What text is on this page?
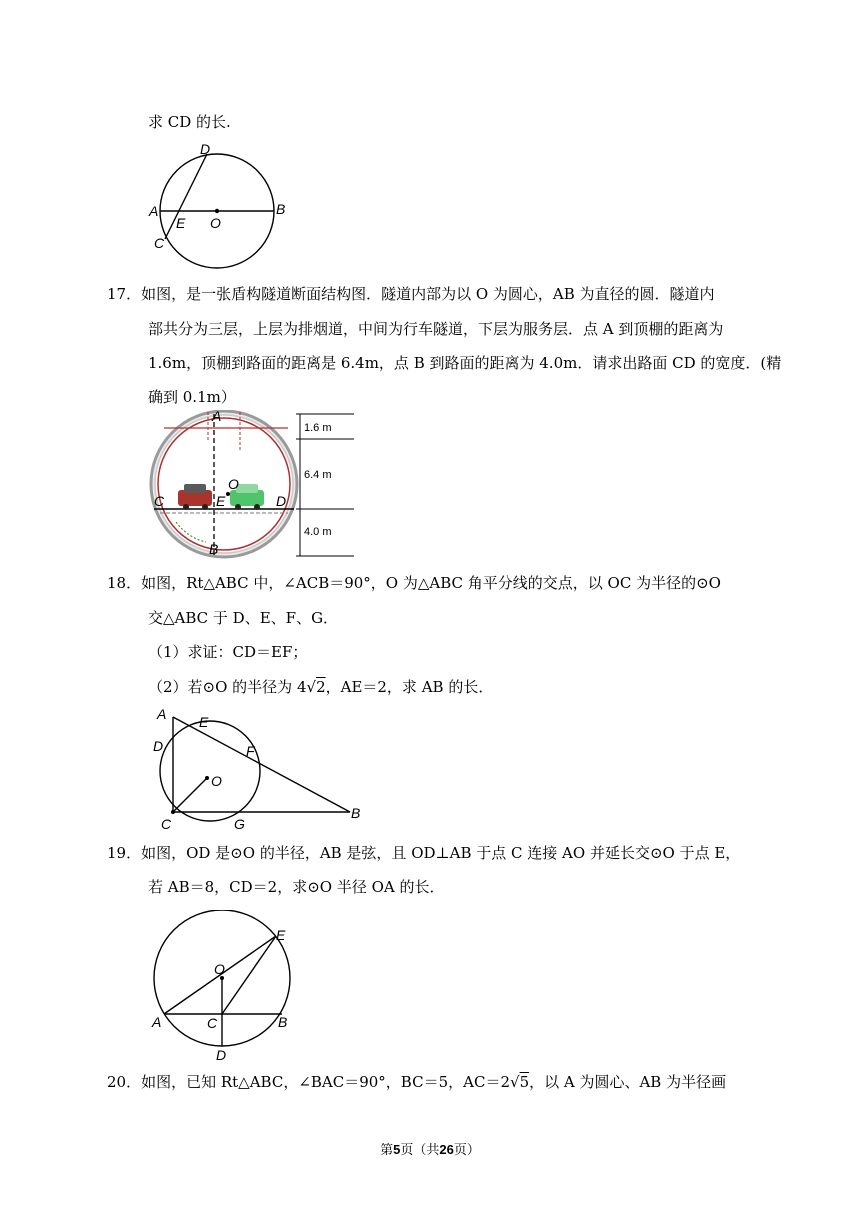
求 CD 的长.
D
A	B
E O
C
17．如图，是一张盾构隧道断面结构图．隧道内部为以 O 为圆心，AB 为直径的圆．隧道内
部共分为三层，上层为排烟道，中间为行车隧道，下层为服务层．点 A 到顶棚的距离为
1.6m，顶棚到路面的距离是 6.4m，点 B 到路面的距离为 4.0m．请求出路面 CD 的宽度．(精
确到 0.1m）
1.6 m
6.4 m
4.0 m
A
O
C	E	D
B
18．如图，Rt△ABC 中，∠ACB＝90°，O 为△ABC 角平分线的交点，以 OC 为半径的⊙O
交△ABC 于 D、E、F、G．
（1）求证：CD＝EF；
（2）若⊙O 的半径为 4√2，AE＝2，求 AB 的长．
A E
D	F
O
C	G
B
19．如图，OD 是⊙O 的半径，AB 是弦，且 OD⊥AB 于点 C 连接 AO 并延长交⊙O 于点 E，
若 AB＝8，CD＝2，求⊙O 半径 OA 的长．
O
E
A	C	B
D
20．如图，已知 Rt△ABC，∠BAC＝90°，BC＝5，AC＝2√5，以 A 为圆心、AB 为半径画
第5页（共26页）
